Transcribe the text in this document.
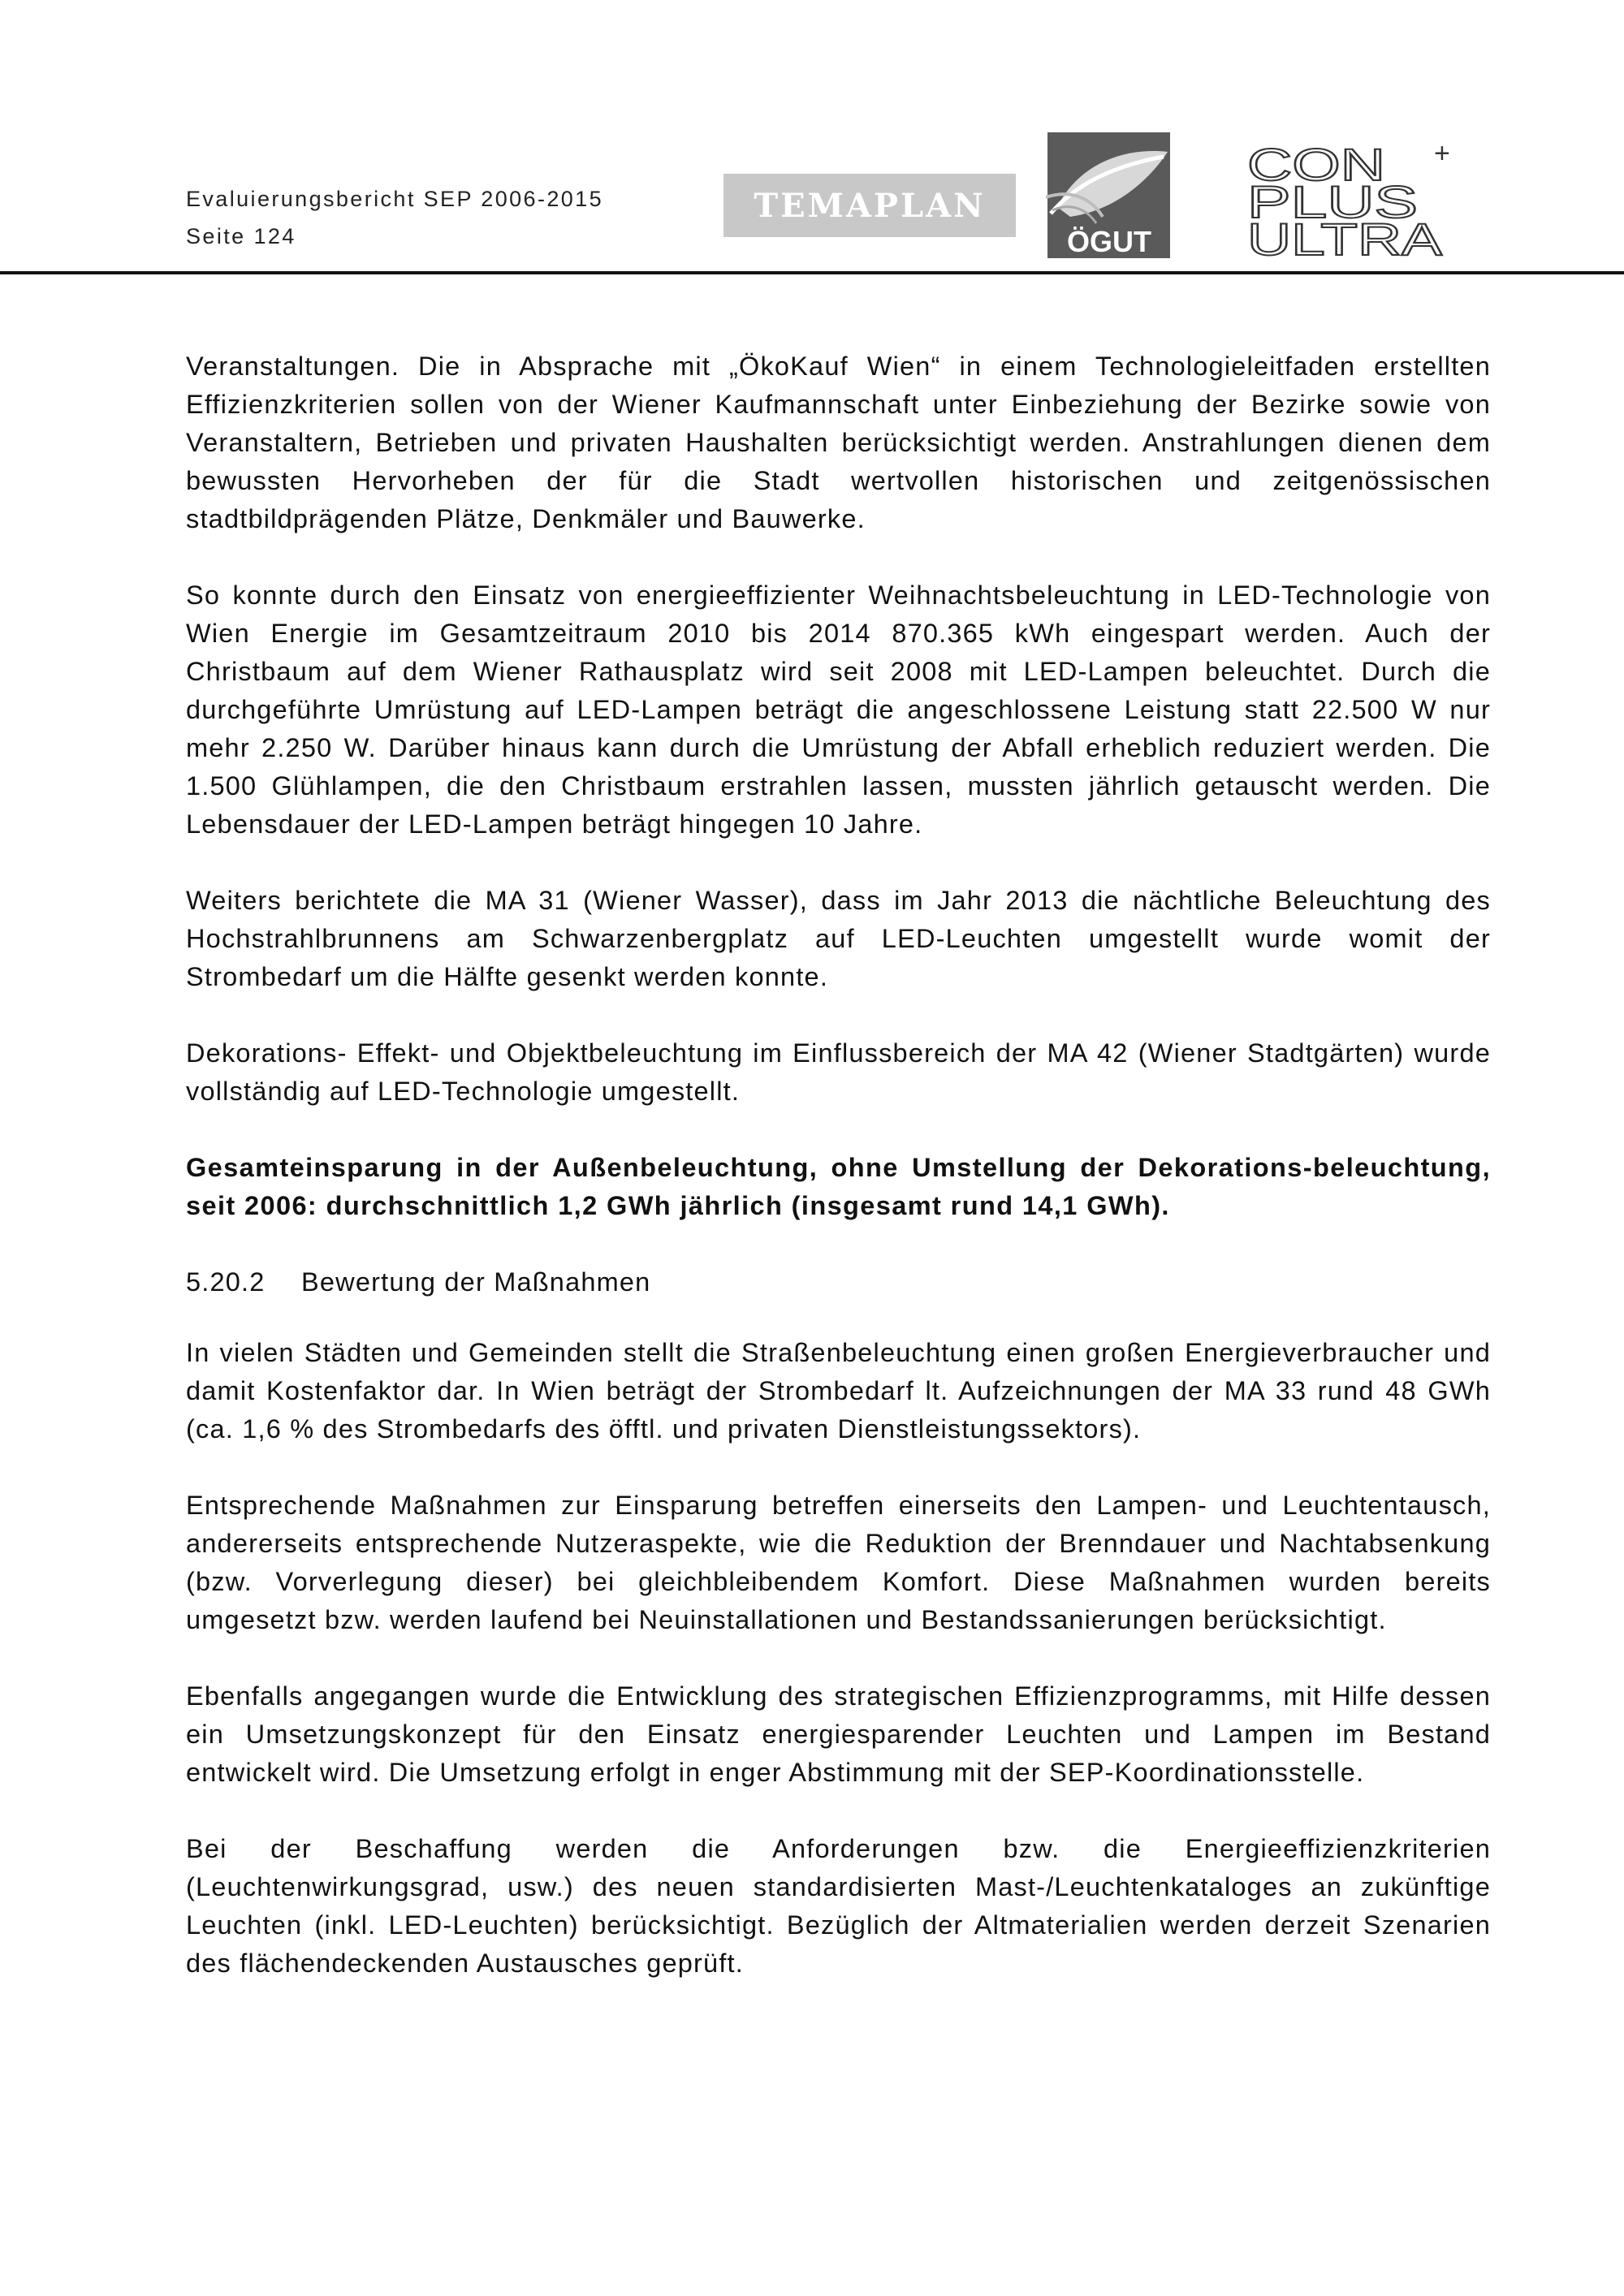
Evaluierungsbericht SEP 2006-2015
Seite 124
TEMAPLAN
ÖGUT
+
CON
PLUS
ULTRA

Veranstaltungen. Die in Absprache mit „ÖkoKauf Wien“ in einem Technologieleitfaden erstellten Effizienzkriterien sollen von der Wiener Kaufmannschaft unter Einbeziehung der Bezirke sowie von Veranstaltern, Betrieben und privaten Haushalten berücksichtigt werden. Anstrahlungen dienen dem bewussten Hervorheben der für die Stadt wertvollen historischen und zeitgenössischen stadtbildprägenden Plätze, Denkmäler und Bauwerke.

So konnte durch den Einsatz von energieeffizienter Weihnachtsbeleuchtung in LED-Technologie von Wien Energie im Gesamtzeitraum 2010 bis 2014 870.365 kWh eingespart werden. Auch der Christbaum auf dem Wiener Rathausplatz wird seit 2008 mit LED-Lampen beleuchtet. Durch die durchgeführte Umrüstung auf LED-Lampen beträgt die angeschlossene Leistung statt 22.500 W nur mehr 2.250 W. Darüber hinaus kann durch die Umrüstung der Abfall erheblich reduziert werden. Die 1.500 Glühlampen, die den Christbaum erstrahlen lassen, mussten jährlich getauscht werden. Die Lebensdauer der LED-Lampen beträgt hingegen 10 Jahre.

Weiters berichtete die MA 31 (Wiener Wasser), dass im Jahr 2013 die nächtliche Beleuchtung des Hochstrahlbrunnens am Schwarzenbergplatz auf LED-Leuchten umgestellt wurde womit der Strombedarf um die Hälfte gesenkt werden konnte.

Dekorations- Effekt- und Objektbeleuchtung im Einflussbereich der MA 42 (Wiener Stadtgärten) wurde vollständig auf LED-Technologie umgestellt.

Gesamteinsparung in der Außenbeleuchtung, ohne Umstellung der Dekorations-beleuchtung, seit 2006: durchschnittlich 1,2 GWh jährlich (insgesamt rund 14,1 GWh).

5.20.2 Bewertung der Maßnahmen

In vielen Städten und Gemeinden stellt die Straßenbeleuchtung einen großen Energieverbraucher und damit Kostenfaktor dar. In Wien beträgt der Strombedarf lt. Aufzeichnungen der MA 33 rund 48 GWh (ca. 1,6 % des Strombedarfs des öfftl. und privaten Dienstleistungssektors).

Entsprechende Maßnahmen zur Einsparung betreffen einerseits den Lampen- und Leuchtentausch, andererseits entsprechende Nutzeraspekte, wie die Reduktion der Brenndauer und Nachtabsenkung (bzw. Vorverlegung dieser) bei gleichbleibendem Komfort. Diese Maßnahmen wurden bereits umgesetzt bzw. werden laufend bei Neuinstallationen und Bestandssanierungen berücksichtigt.

Ebenfalls angegangen wurde die Entwicklung des strategischen Effizienzprogramms, mit Hilfe dessen ein Umsetzungskonzept für den Einsatz energiesparender Leuchten und Lampen im Bestand entwickelt wird. Die Umsetzung erfolgt in enger Abstimmung mit der SEP-Koordinationsstelle.

Bei der Beschaffung werden die Anforderungen bzw. die Energieeffizienzkriterien (Leuchtenwirkungsgrad, usw.) des neuen standardisierten Mast-/Leuchtenkataloges an zukünftige Leuchten (inkl. LED-Leuchten) berücksichtigt. Bezüglich der Altmaterialien werden derzeit Szenarien des flächendeckenden Austausches geprüft.
